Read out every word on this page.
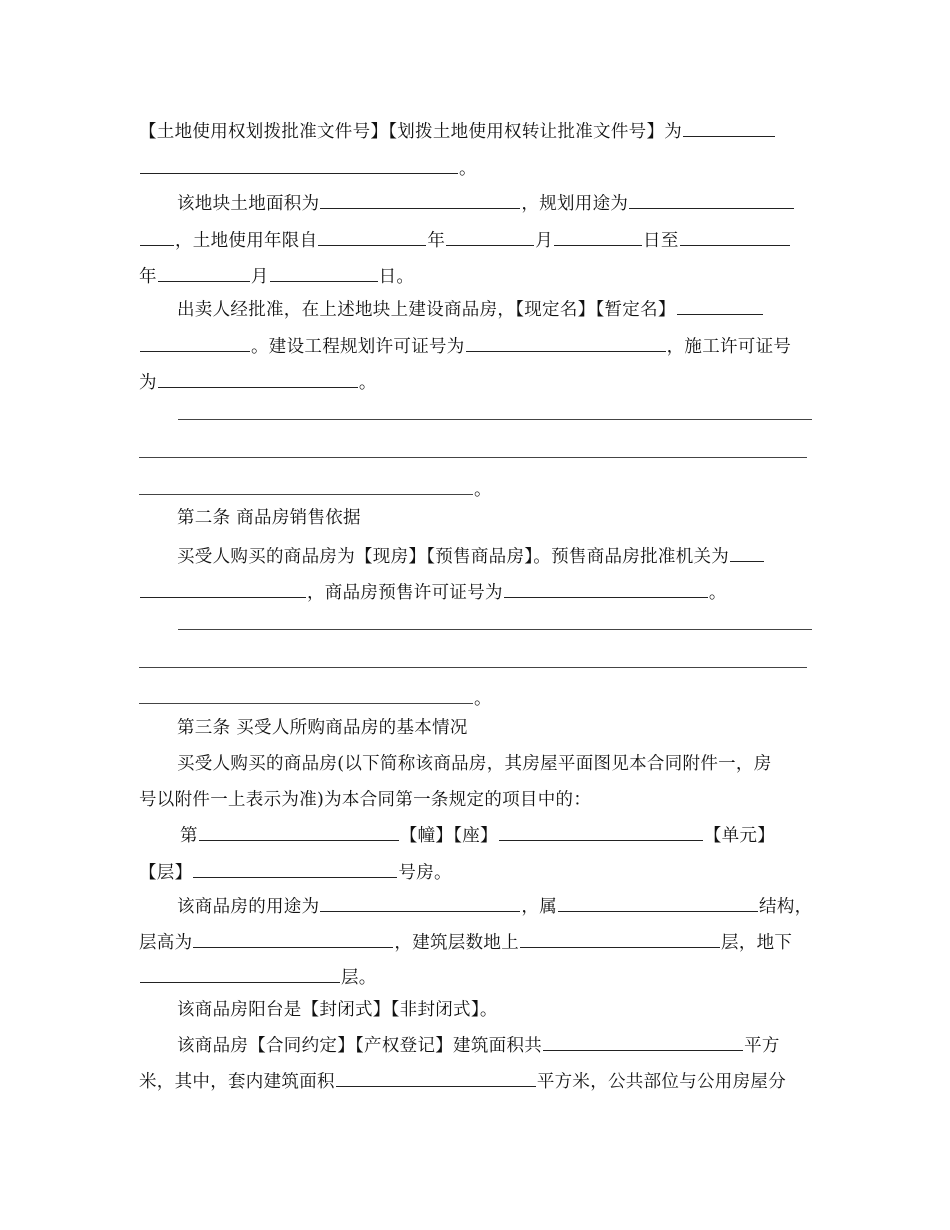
【土地使用权划拨批准文件号】【划拨土地使用权转让批准文件号】为
。
该地块土地面积为	，规划用途为
，土地使用年限自	年	月	日至
年	月	日。
出卖人经批准，在上述地块上建设商品房，【现定名】【暂定名】
。建设工程规划许可证号为	，施工许可证号
为	。
。
第二条 商品房销售依据
买受人购买的商品房为【现房】【预售商品房】。预售商品房批准机关为
，商品房预售许可证号为	。
。
第三条 买受人所购商品房的基本情况
买受人购买的商品房(以下简称该商品房，其房屋平面图见本合同附件一，房
号以附件一上表示为准)为本合同第一条规定的项目中的：
第	【幢】【座】	【单元】
【层】	号房。
该商品房的用途为	，属	结构，
层高为	，建筑层数地上	层，地下
层。
该商品房阳台是【封闭式】【非封闭式】。
该商品房【合同约定】【产权登记】建筑面积共	平方
米，其中，套内建筑面积	平方米，公共部位与公用房屋分
